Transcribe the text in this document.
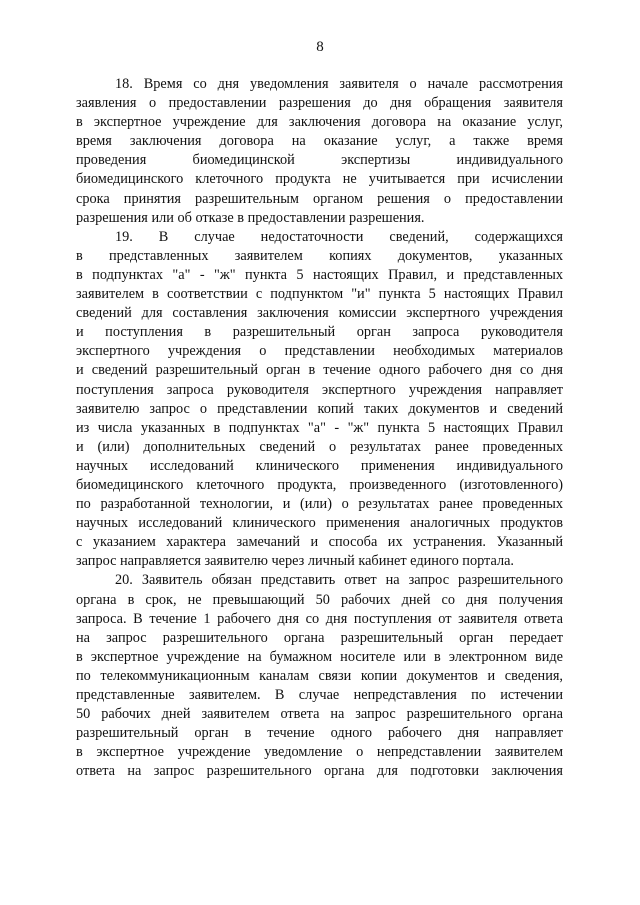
8
18. Время со дня уведомления заявителя о начале рассмотрения
заявления о предоставлении разрешения до дня обращения заявителя
в экспертное учреждение для заключения договора на оказание услуг,
время заключения договора на оказание услуг, а также время
проведения биомедицинской экспертизы индивидуального
биомедицинского клеточного продукта не учитывается при исчислении
срока принятия разрешительным органом решения о предоставлении
разрешения или об отказе в предоставлении разрешения.
19. В случае недостаточности сведений, содержащихся
в представленных заявителем копиях документов, указанных
в подпунктах "а" - "ж" пункта 5 настоящих Правил, и представленных
заявителем в соответствии с подпунктом "и" пункта 5 настоящих Правил
сведений для составления заключения комиссии экспертного учреждения
и поступления в разрешительный орган запроса руководителя
экспертного учреждения о представлении необходимых материалов
и сведений разрешительный орган в течение одного рабочего дня со дня
поступления запроса руководителя экспертного учреждения направляет
заявителю запрос о представлении копий таких документов и сведений
из числа указанных в подпунктах "а" - "ж" пункта 5 настоящих Правил
и (или) дополнительных сведений о результатах ранее проведенных
научных исследований клинического применения индивидуального
биомедицинского клеточного продукта, произведенного (изготовленного)
по разработанной технологии, и (или) о результатах ранее проведенных
научных исследований клинического применения аналогичных продуктов
с указанием характера замечаний и способа их устранения. Указанный
запрос направляется заявителю через личный кабинет единого портала.
20. Заявитель обязан представить ответ на запрос разрешительного
органа в срок, не превышающий 50 рабочих дней со дня получения
запроса. В течение 1 рабочего дня со дня поступления от заявителя ответа
на запрос разрешительного органа разрешительный орган передает
в экспертное учреждение на бумажном носителе или в электронном виде
по телекоммуникационным каналам связи копии документов и сведения,
представленные заявителем. В случае непредставления по истечении
50 рабочих дней заявителем ответа на запрос разрешительного органа
разрешительный орган в течение одного рабочего дня направляет
в экспертное учреждение уведомление о непредставлении заявителем
ответа на запрос разрешительного органа для подготовки заключения
